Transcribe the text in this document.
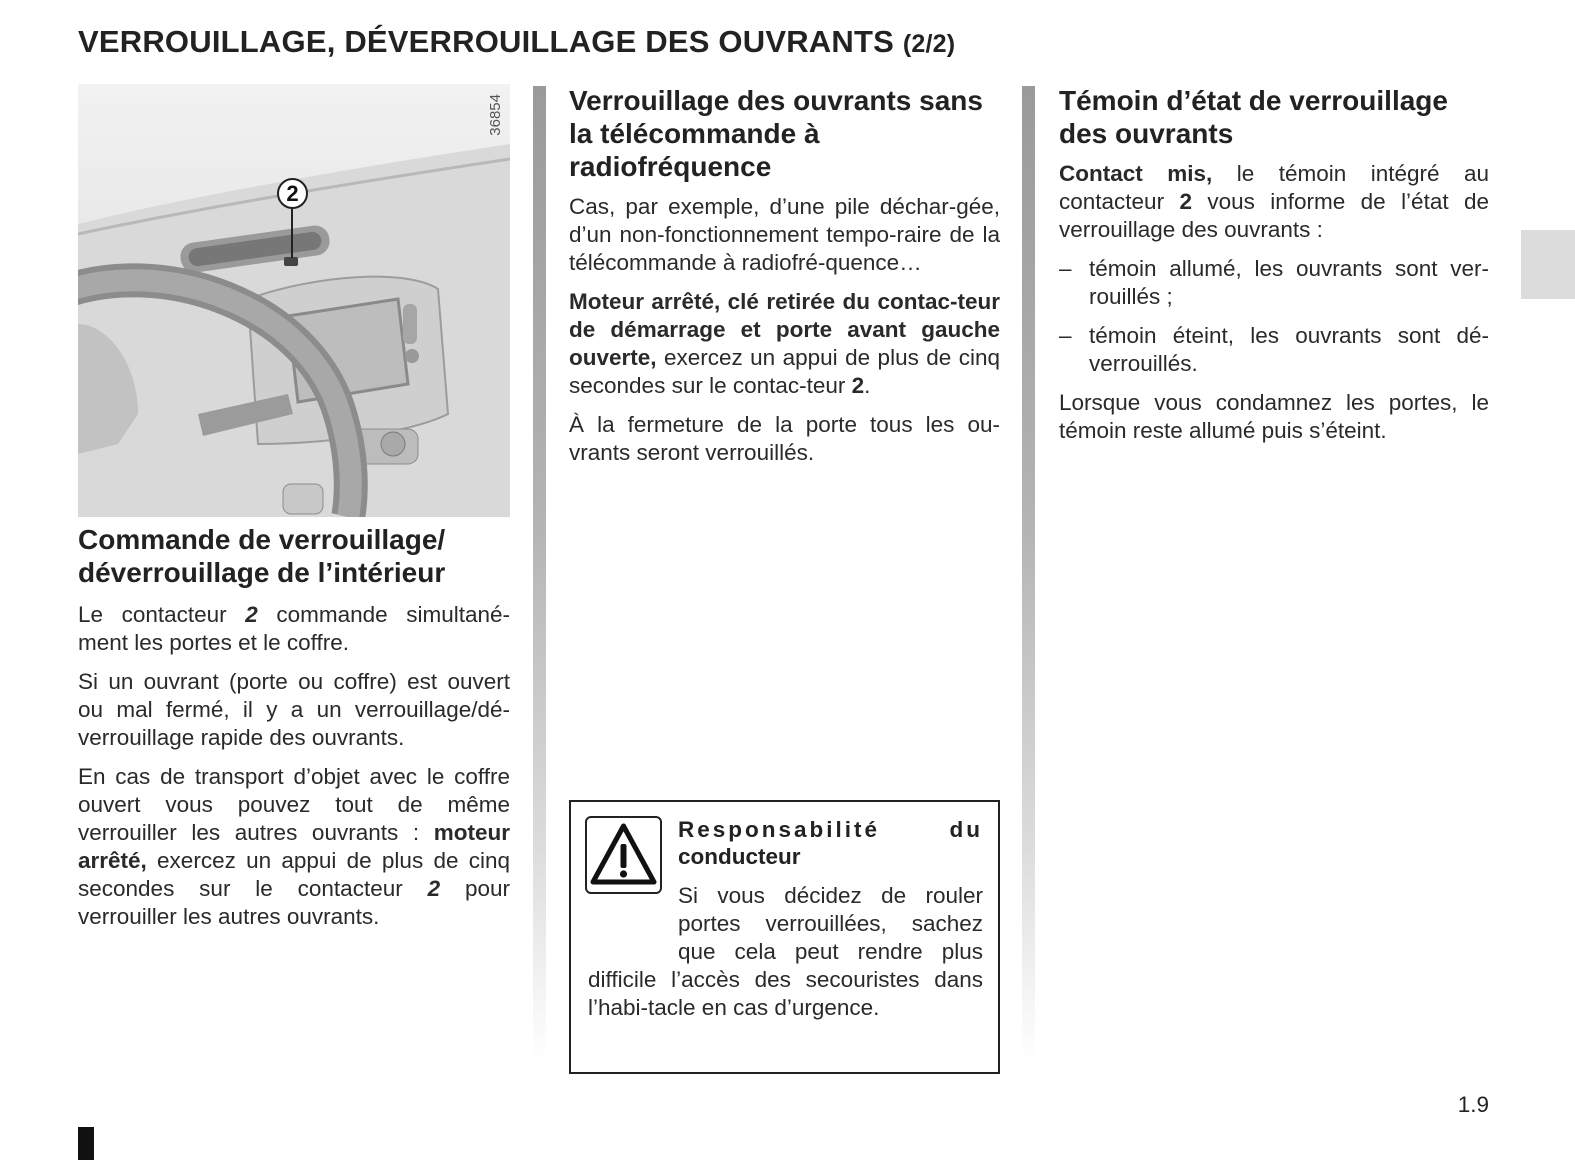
VERROUILLAGE, DÉVERROUILLAGE DES OUVRANTS (2/2)
2
36854
Commande de verrouillage/ déverrouillage de l’intérieur

Le contacteur 2 commande simultané-ment les portes et le coffre.

Si un ouvrant (porte ou coffre) est ouvert ou mal fermé, il y a un verrouillage/dé-verrouillage rapide des ouvrants.

En cas de transport d’objet avec le coffre ouvert vous pouvez tout de même verrouiller les autres ouvrants : moteur arrêté, exercez un appui de plus de cinq secondes sur le contacteur 2 pour verrouiller les autres ouvrants.

Verrouillage des ouvrants sans la télécommande à radiofréquence

Cas, par exemple, d’une pile déchar-gée, d’un non-fonctionnement tempo-raire de la télécommande à radiofré-quence…

Moteur arrêté, clé retirée du contac-teur de démarrage et porte avant gauche ouverte, exercez un appui de plus de cinq secondes sur le contac-teur 2.

À la fermeture de la porte tous les ou-vrants seront verrouillés.

Responsabilité	du
conducteur
Si vous décidez de rouler portes verrouillées, sachez que cela peut rendre plus difficile l’accès des secouristes dans l’habi-tacle en cas d’urgence.
Témoin d’état de verrouillage des ouvrants

Contact mis, le témoin intégré au contacteur 2 vous informe de l’état de verrouillage des ouvrants :

– témoin allumé, les ouvrants sont ver-rouillés ;
– témoin éteint, les ouvrants sont dé-verrouillés.

Lorsque vous condamnez les portes, le témoin reste allumé puis s’éteint.

1.9
